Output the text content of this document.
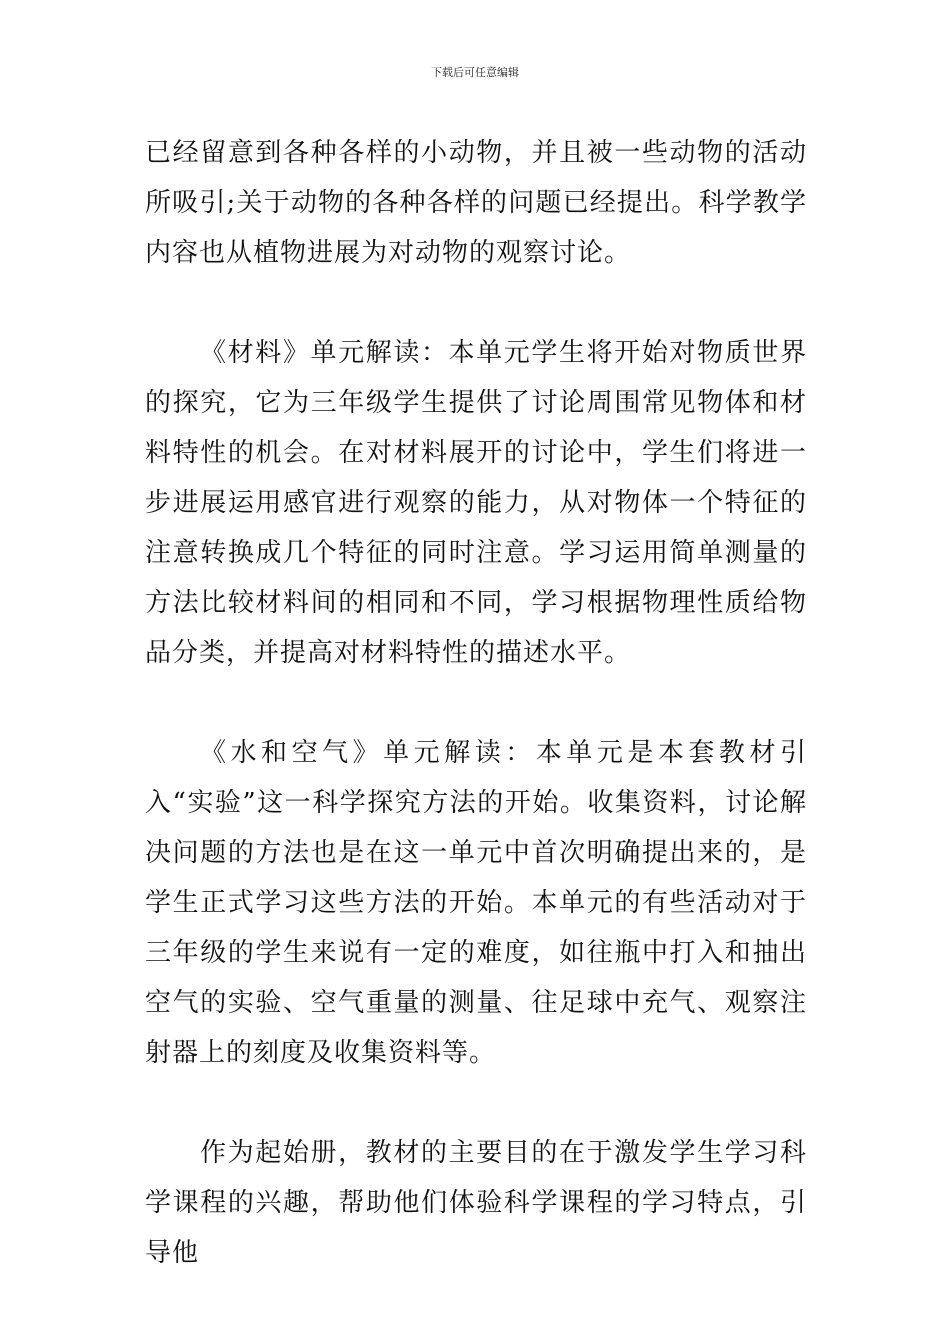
下载后可任意编辑

已经留意到各种各样的小动物，并且被一些动物的活动所吸引;关于动物的各种各样的问题已经提出。科学教学内容也从植物进展为对动物的观察讨论。

《材料》单元解读：本单元学生将开始对物质世界的探究，它为三年级学生提供了讨论周围常见物体和材料特性的机会。在对材料展开的讨论中，学生们将进一步进展运用感官进行观察的能力，从对物体一个特征的注意转换成几个特征的同时注意。学习运用简单测量的方法比较材料间的相同和不同，学习根据物理性质给物品分类，并提高对材料特性的描述水平。

《水和空气》单元解读：本单元是本套教材引入“实验”这一科学探究方法的开始。收集资料，讨论解决问题的方法也是在这一单元中首次明确提出来的，是学生正式学习这些方法的开始。本单元的有些活动对于三年级的学生来说有一定的难度，如往瓶中打入和抽出空气的实验、空气重量的测量、往足球中充气、观察注射器上的刻度及收集资料等。

作为起始册，教材的主要目的在于激发学生学习科学课程的兴趣，帮助他们体验科学课程的学习特点，引导他
